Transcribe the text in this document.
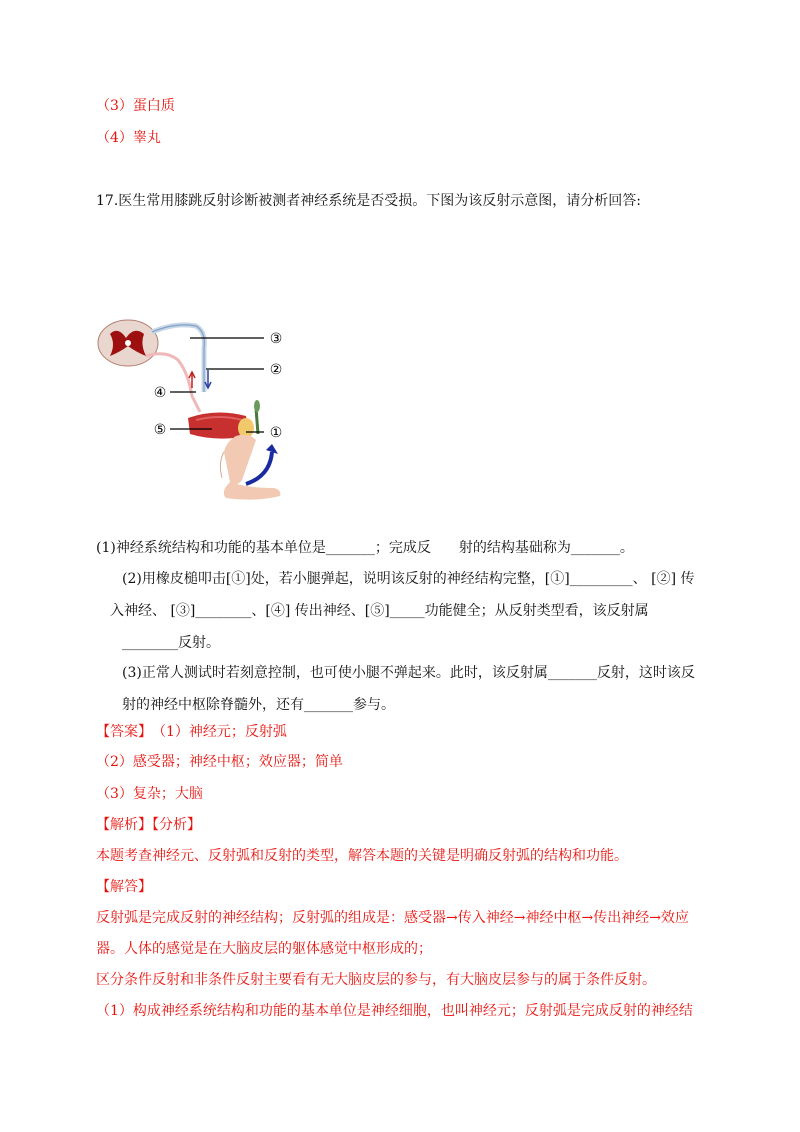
（3）蛋白质
（4）睾丸
17.医生常用膝跳反射诊断被测者神经系统是否受损。下图为该反射示意图，请分析回答:
③
②
④
⑤	①
(1)神经系统结构和功能的基本单位是_______；完成反　　射的结构基础称为_______。
(2)用橡皮槌叩击[①]处，若小腿弹起，说明该反射的神经结构完整，[①]_________、 [②] 传
入神经、 [③]________、[④] 传出神经、[⑤]_____功能健全；从反射类型看，该反射属
________反射。
(3)正常人测试时若刻意控制，也可使小腿不弹起来。此时，该反射属_______反射，这时该反
射的神经中枢除脊髓外，还有_______参与。
【答案】 （1）神经元；反射弧
（2）感受器；神经中枢；效应器；简单
（3）复杂；大脑
【解析】【分析】
本题考查神经元、反射弧和反射的类型，解答本题的关键是明确反射弧的结构和功能。
【解答】
反射弧是完成反射的神经结构；反射弧的组成是：感受器→传入神经→神经中枢→传出神经→效应
器。人体的感觉是在大脑皮层的躯体感觉中枢形成的；
区分条件反射和非条件反射主要看有无大脑皮层的参与，有大脑皮层参与的属于条件反射。
（1）构成神经系统结构和功能的基本单位是神经细胞，也叫神经元；反射弧是完成反射的神经结
